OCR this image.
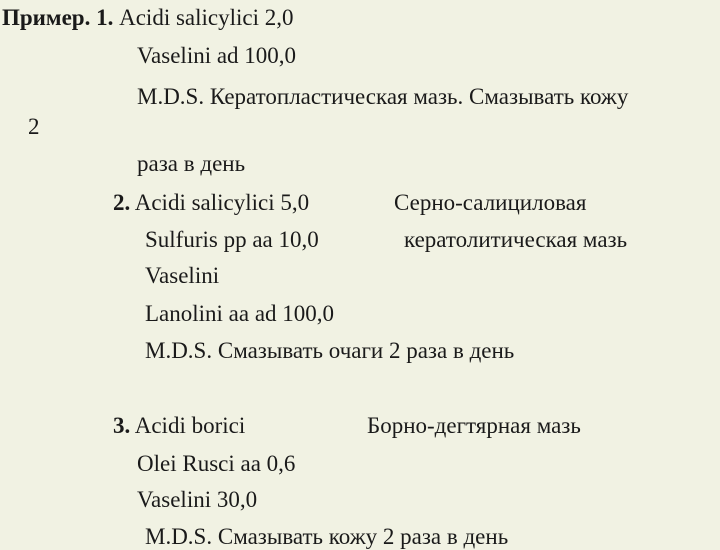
Пример. 1. Acidi salicylici 2,0
Vaselini ad 100,0
M.D.S. Кератопластическая мазь. Смазывать кожу
2
раза в день
2. Acidi salicylici 5,0	Серно-салициловая
Sulfuris pp aa 10,0	кератолитическая мазь
Vaselini
Lanolini aa ad 100,0
M.D.S. Смазывать очаги 2 раза в день
3. Acidi borici	Борно-дегтярная мазь
Olei Rusci aa 0,6
Vaselini 30,0
M.D.S. Смазывать кожу 2 раза в день
